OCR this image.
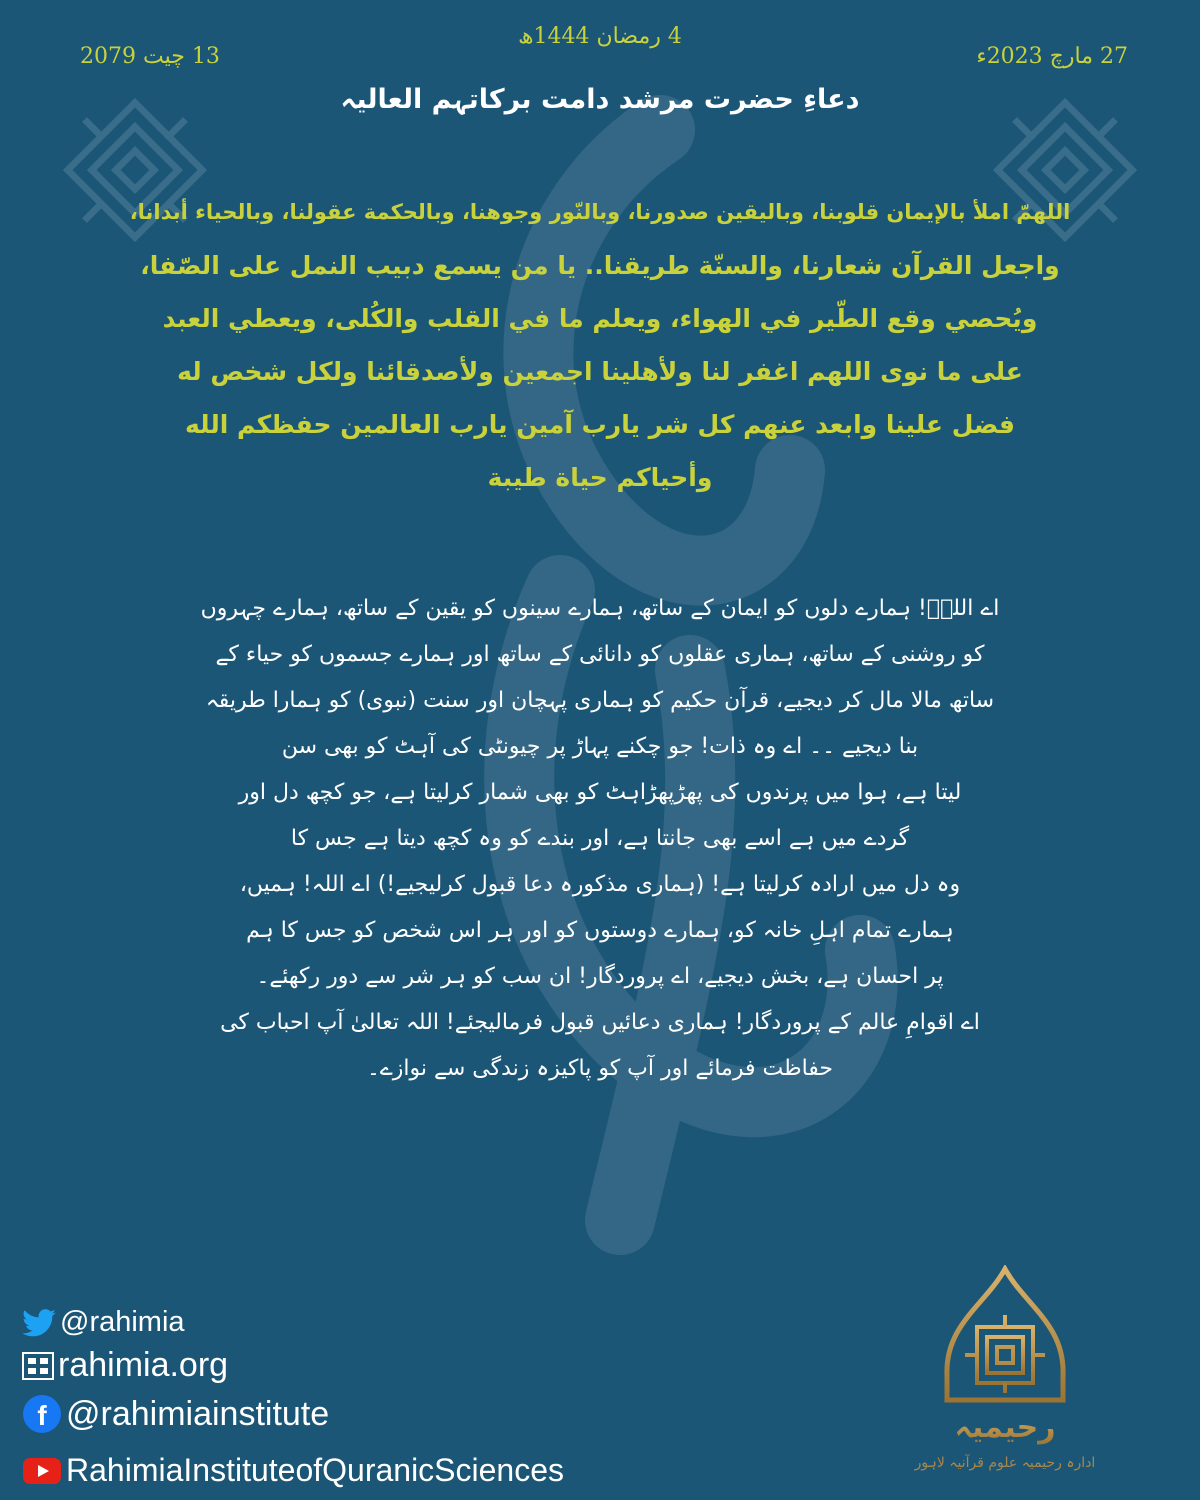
4 رمضان 1444ھ
27 مارچ 2023ء
13 چیت 2079
دعاءِ حضرت مرشد دامت برکاتہم العالیہ
اللهمّ املأ بالإيمان قلوبنا، وباليقين صدورنا، وبالنّور وجوهنا، وبالحكمة عقولنا، وبالحياء أبدانا،
واجعل القرآن شعارنا، والسنّة طريقنا.. يا من يسمع دبيب النمل على الصّفا،
ويُحصي وقع الطّير في الهواء، ويعلم ما في القلب والكُلى، ويعطي العبد
على ما نوى اللهم اغفر لنا ولأهلينا اجمعين ولأصدقائنا ولكل شخص له
فضل علينا وابعد عنهم كل شر يارب آمين يارب العالمين حفظكم الله
وأحياكم حياة طيبة
اے اللہؐ! ہمارے دلوں کو ایمان کے ساتھ، ہمارے سینوں کو یقین کے ساتھ، ہمارے چہروں
کو روشنی کے ساتھ، ہماری عقلوں کو دانائی کے ساتھ اور ہمارے جسموں کو حیاء کے
ساتھ مالا مال کر دیجیے، قرآن حکیم کو ہماری پہچان اور سنت (نبوی) کو ہمارا طریقہ
بنا دیجیے ۔۔ اے وہ ذات! جو چکنے پہاڑ پر چیونٹی کی آہٹ کو بھی سن
لیتا ہے، ہوا میں پرندوں کی پھڑپھڑاہٹ کو بھی شمار کرلیتا ہے، جو کچھ دل اور
گردے میں ہے اسے بھی جانتا ہے، اور بندے کو وہ کچھ دیتا ہے جس کا
وہ دل میں ارادہ کرلیتا ہے! (ہماری مذکورہ دعا قبول کرلیجیے!) اے اللہ! ہمیں،
ہمارے تمام اہلِ خانہ کو، ہمارے دوستوں کو اور ہر اس شخص کو جس کا ہم
پر احسان ہے، بخش دیجیے، اے پروردگار! ان سب کو ہر شر سے دور رکھئے۔
اے اقوامِ عالم کے پروردگار! ہماری دعائیں قبول فرمالیجئے! اللہ تعالیٰ آپ احباب کی
حفاظت فرمائے اور آپ کو پاکیزہ زندگی سے نوازے۔
@rahimia
rahimia.org
f @rahimiainstitute
RahimiaInstituteofQuranicSciences
رحیمیہ
ادارہ رحیمیہ علوم قرآنیہ لاہور
